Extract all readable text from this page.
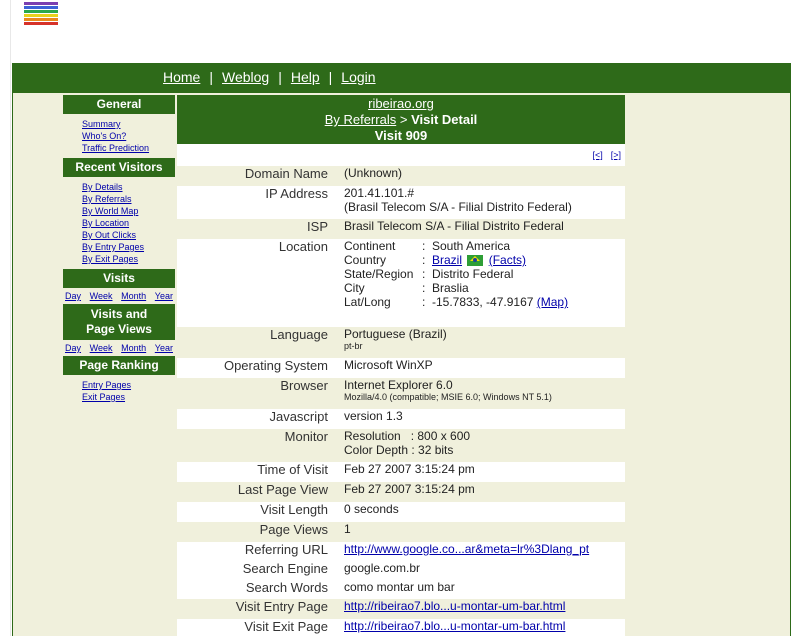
Home | Weblog | Help | Login
General
Summary
Who's On?
Traffic Prediction
Recent Visitors
By Details
By Referrals
By World Map
By Location
By Out Clicks
By Entry Pages
By Exit Pages
Visits
Day Week Month Year
Visits and Page Views
Day Week Month Year
Page Ranking
Entry Pages
Exit Pages
ribeirao.org
By Referrals > Visit Detail
Visit 909
[<] [>]
Domain Name	(Unknown)
IP Address	201.41.101.#
(Brasil Telecom S/A - Filial Distrito Federal)

ISP	Brasil Telecom S/A - Filial Distrito Federal
Location	Continent	:	South America
Country	:	Brazil (Facts)
State/Region	:	Distrito Federal
City	:	Braslia
Lat/Long	:	-15.7833, -47.9167 (Map)

Language	Portuguese (Brazil)
pt-br

Operating System	Microsoft WinXP
Browser	Internet Explorer 6.0
Mozilla/4.0 (compatible; MSIE 6.0; Windows NT 5.1)

Javascript	version 1.3
Monitor	Resolution   : 800 x 600
Color Depth : 32 bits

Time of Visit	Feb 27 2007 3:15:24 pm
Last Page View	Feb 27 2007 3:15:24 pm
Visit Length	0 seconds
Page Views	1
Referring URL	http://www.google.co...ar&meta=lr%3Dlang_pt
Search Engine	google.com.br
Search Words	como montar um bar
Visit Entry Page	http://ribeirao7.blo...u-montar-um-bar.html
Visit Exit Page	http://ribeirao7.blo...u-montar-um-bar.html
